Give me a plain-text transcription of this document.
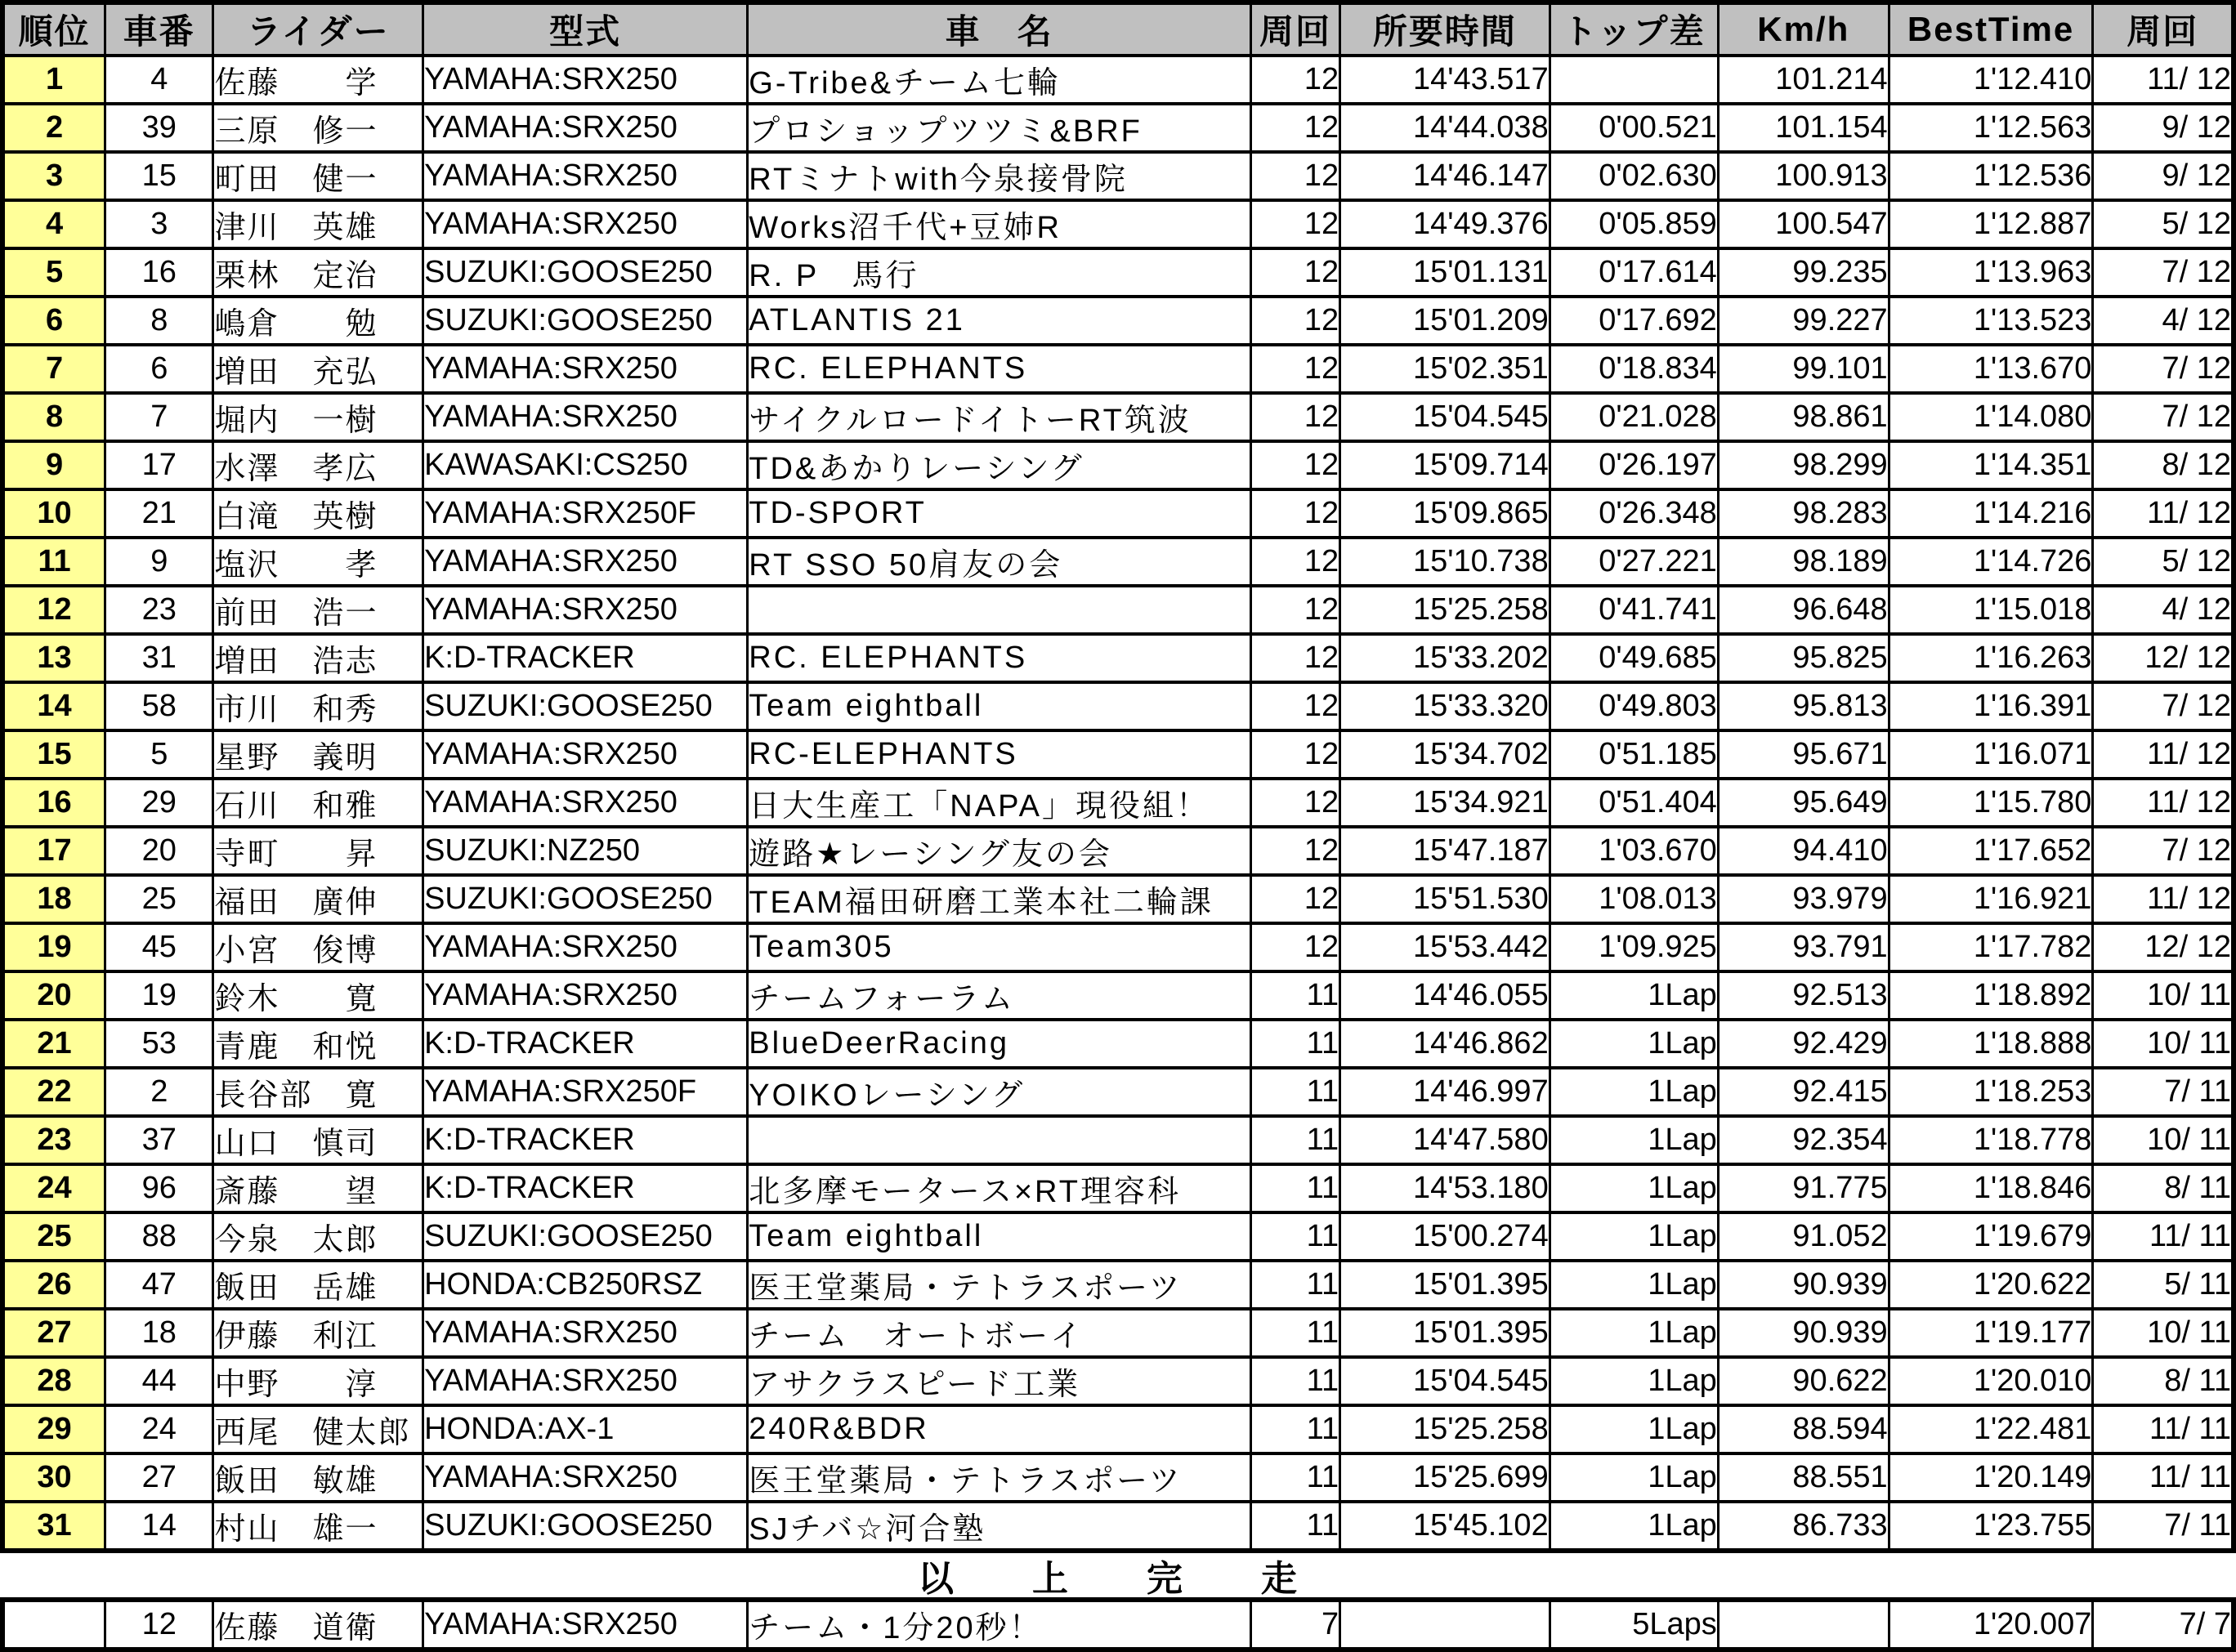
順位	車番	ライダー	型式	車　名	周回	所要時間	トップ差	Km/h	BestTime	周回
1	4	佐藤　　学	YAMAHA:SRX250	G-Tribe&チーム七輪	12	14'43.517		101.214	1'12.410	11/ 12
2	39	三原　修一	YAMAHA:SRX250	プロショップツツミ&BRF	12	14'44.038	0'00.521	101.154	1'12.563	9/ 12
3	15	町田　健一	YAMAHA:SRX250	RTミナトwith今泉接骨院	12	14'46.147	0'02.630	100.913	1'12.536	9/ 12
4	3	津川　英雄	YAMAHA:SRX250	Works沼千代+豆姉R	12	14'49.376	0'05.859	100.547	1'12.887	5/ 12
5	16	栗林　定治	SUZUKI:GOOSE250	R. P　馬行	12	15'01.131	0'17.614	99.235	1'13.963	7/ 12
6	8	嶋倉　　勉	SUZUKI:GOOSE250	ATLANTIS 21	12	15'01.209	0'17.692	99.227	1'13.523	4/ 12
7	6	増田　充弘	YAMAHA:SRX250	RC. ELEPHANTS	12	15'02.351	0'18.834	99.101	1'13.670	7/ 12
8	7	堀内　一樹	YAMAHA:SRX250	サイクルロードイトーRT筑波	12	15'04.545	0'21.028	98.861	1'14.080	7/ 12
9	17	水澤　孝広	KAWASAKI:CS250	TD&あかりレーシング	12	15'09.714	0'26.197	98.299	1'14.351	8/ 12
10	21	白滝　英樹	YAMAHA:SRX250F	TD-SPORT	12	15'09.865	0'26.348	98.283	1'14.216	11/ 12
11	9	塩沢　　孝	YAMAHA:SRX250	RT SSO 50肩友の会	12	15'10.738	0'27.221	98.189	1'14.726	5/ 12
12	23	前田　浩一	YAMAHA:SRX250		12	15'25.258	0'41.741	96.648	1'15.018	4/ 12
13	31	増田　浩志	K:D-TRACKER	RC. ELEPHANTS	12	15'33.202	0'49.685	95.825	1'16.263	12/ 12
14	58	市川　和秀	SUZUKI:GOOSE250	Team eightball	12	15'33.320	0'49.803	95.813	1'16.391	7/ 12
15	5	星野　義明	YAMAHA:SRX250	RC-ELEPHANTS	12	15'34.702	0'51.185	95.671	1'16.071	11/ 12
16	29	石川　和雅	YAMAHA:SRX250	日大生産工「NAPA」現役組！	12	15'34.921	0'51.404	95.649	1'15.780	11/ 12
17	20	寺町　　昇	SUZUKI:NZ250	遊路★レーシング友の会	12	15'47.187	1'03.670	94.410	1'17.652	7/ 12
18	25	福田　廣伸	SUZUKI:GOOSE250	TEAM福田研磨工業本社二輪課	12	15'51.530	1'08.013	93.979	1'16.921	11/ 12
19	45	小宮　俊博	YAMAHA:SRX250	Team305	12	15'53.442	1'09.925	93.791	1'17.782	12/ 12
20	19	鈴木　　寛	YAMAHA:SRX250	チームフォーラム	11	14'46.055	1Lap	92.513	1'18.892	10/ 11
21	53	青鹿　和悦	K:D-TRACKER	BlueDeerRacing	11	14'46.862	1Lap	92.429	1'18.888	10/ 11
22	2	長谷部　寛	YAMAHA:SRX250F	YOIKOレーシング	11	14'46.997	1Lap	92.415	1'18.253	7/ 11
23	37	山口　慎司	K:D-TRACKER		11	14'47.580	1Lap	92.354	1'18.778	10/ 11
24	96	斎藤　　望	K:D-TRACKER	北多摩モータース×RT理容科	11	14'53.180	1Lap	91.775	1'18.846	8/ 11
25	88	今泉　太郎	SUZUKI:GOOSE250	Team eightball	11	15'00.274	1Lap	91.052	1'19.679	11/ 11
26	47	飯田　岳雄	HONDA:CB250RSZ	医王堂薬局・テトラスポーツ	11	15'01.395	1Lap	90.939	1'20.622	5/ 11
27	18	伊藤　利江	YAMAHA:SRX250	チーム　オートボーイ	11	15'01.395	1Lap	90.939	1'19.177	10/ 11
28	44	中野　　淳	YAMAHA:SRX250	アサクラスピード工業	11	15'04.545	1Lap	90.622	1'20.010	8/ 11
29	24	西尾　健太郎	HONDA:AX-1	240R&BDR	11	15'25.258	1Lap	88.594	1'22.481	11/ 11
30	27	飯田　敏雄	YAMAHA:SRX250	医王堂薬局・テトラスポーツ	11	15'25.699	1Lap	88.551	1'20.149	11/ 11
31	14	村山　雄一	SUZUKI:GOOSE250	SJチバ☆河合塾	11	15'45.102	1Lap	86.733	1'23.755	7/ 11
以　上　完　走
	12	佐藤　道衛	YAMAHA:SRX250	チーム・1分20秒！	7		5Laps		1'20.007	7/ 7
